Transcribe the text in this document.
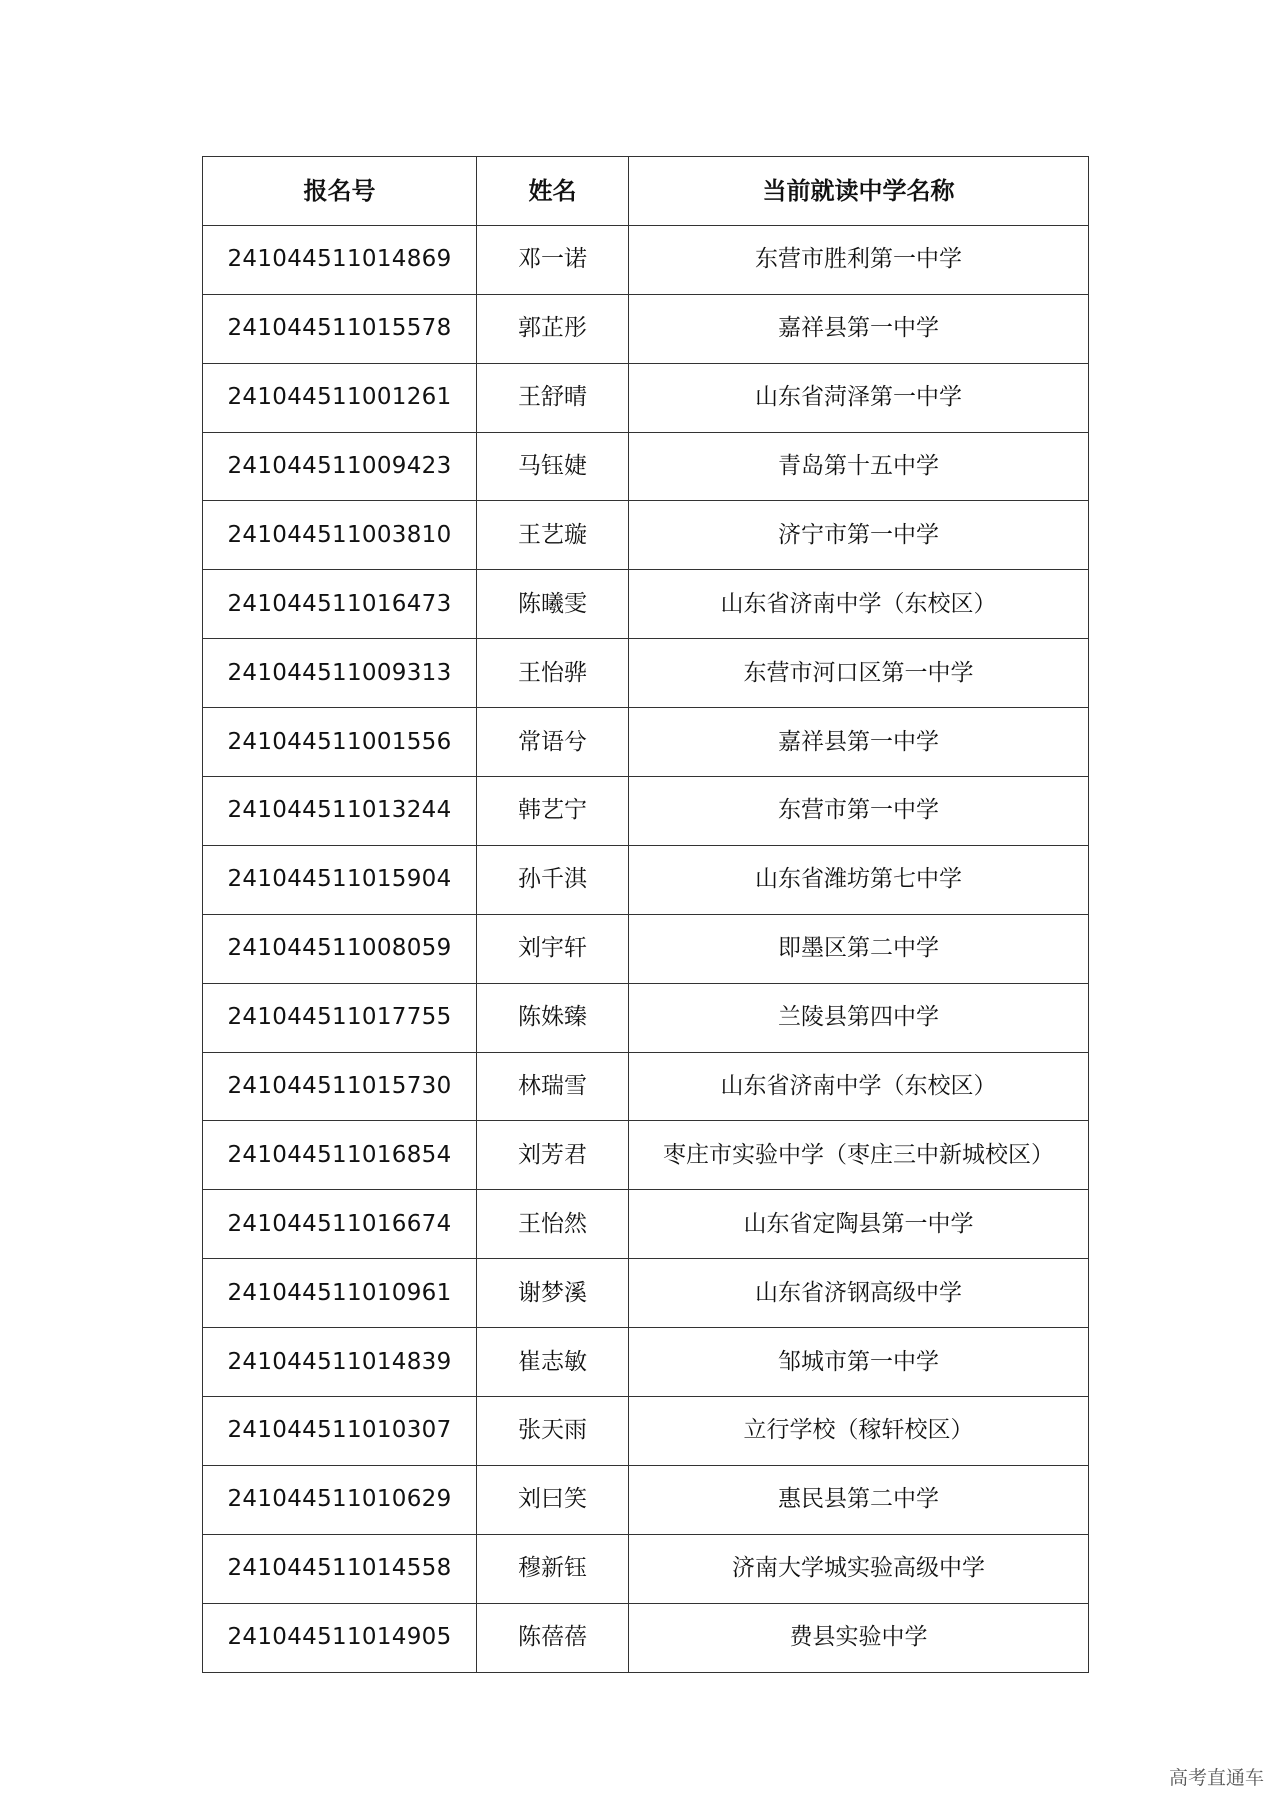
报名号	姓名	当前就读中学名称
241044511014869	邓一诺	东营市胜利第一中学
241044511015578	郭芷彤	嘉祥县第一中学
241044511001261	王舒晴	山东省菏泽第一中学
241044511009423	马钰婕	青岛第十五中学
241044511003810	王艺璇	济宁市第一中学
241044511016473	陈曦雯	山东省济南中学（东校区）
241044511009313	王怡骅	东营市河口区第一中学
241044511001556	常语兮	嘉祥县第一中学
241044511013244	韩艺宁	东营市第一中学
241044511015904	孙千淇	山东省潍坊第七中学
241044511008059	刘宇轩	即墨区第二中学
241044511017755	陈姝臻	兰陵县第四中学
241044511015730	林瑞雪	山东省济南中学（东校区）
241044511016854	刘芳君	枣庄市实验中学（枣庄三中新城校区）
241044511016674	王怡然	山东省定陶县第一中学
241044511010961	谢梦溪	山东省济钢高级中学
241044511014839	崔志敏	邹城市第一中学
241044511010307	张天雨	立行学校（稼轩校区）
241044511010629	刘曰笑	惠民县第二中学
241044511014558	穆新钰	济南大学城实验高级中学
241044511014905	陈蓓蓓	费县实验中学
高考直通车
